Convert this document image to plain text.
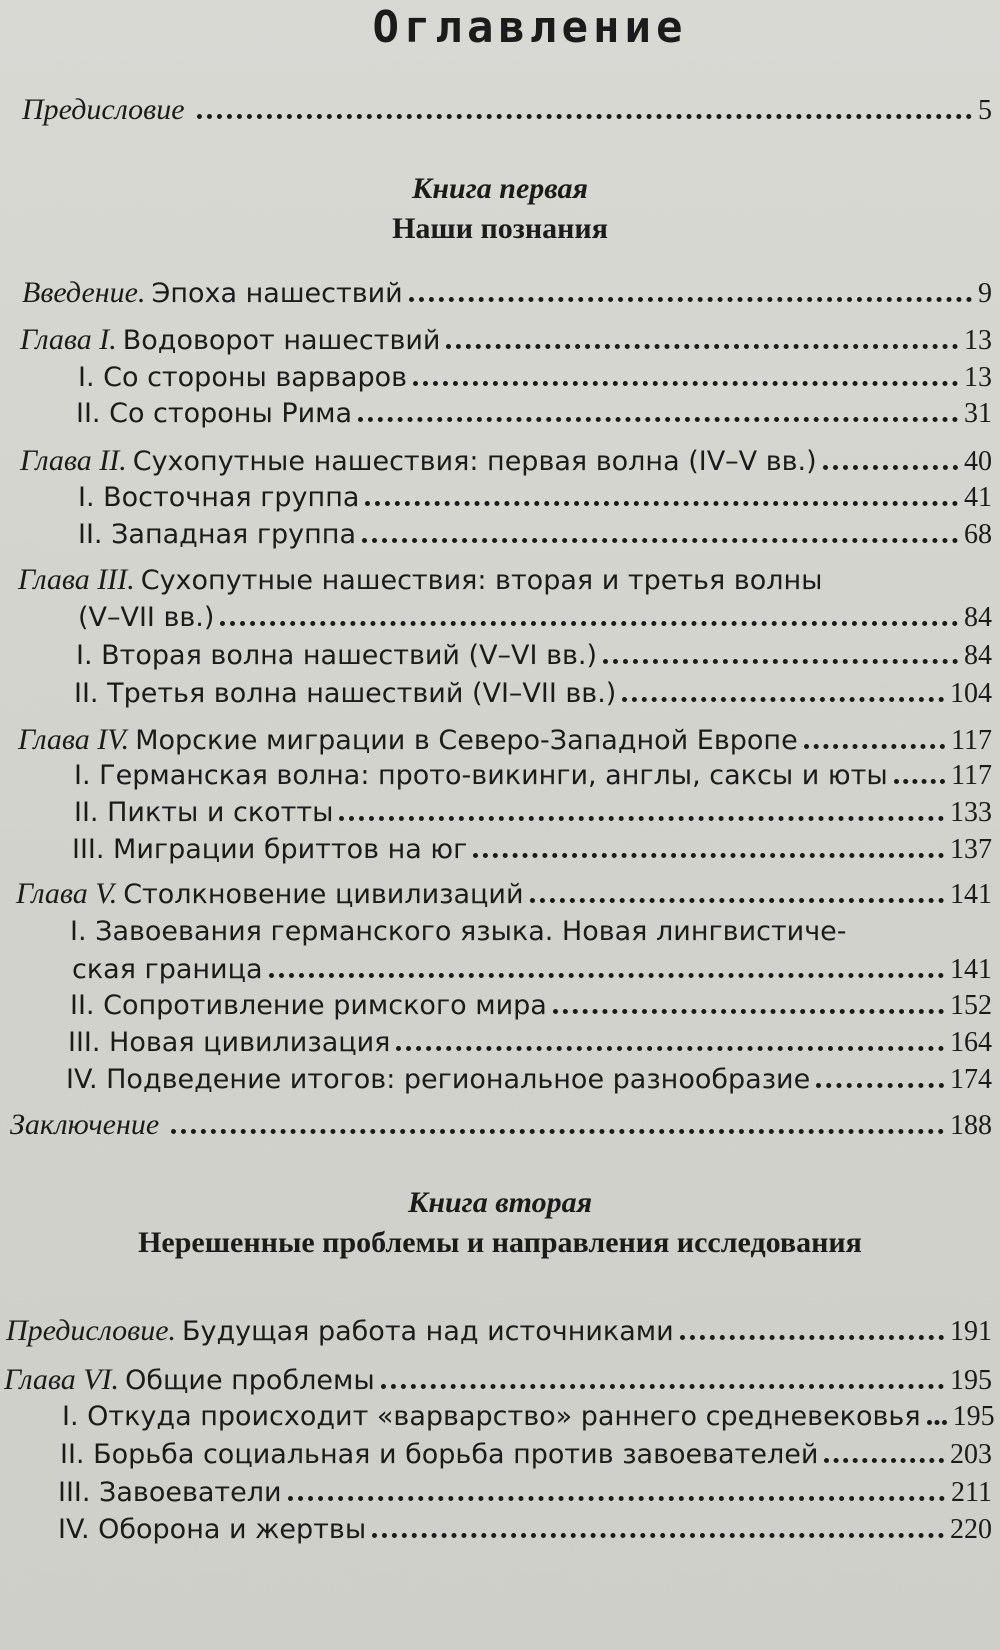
Оглавление
Предисловие	5
Книга первая
Наши познания
Введение. Эпоха нашествий	9
Глава I. Водоворот нашествий	13
I. Со стороны варваров	13
II. Со стороны Рима	31
Глава II. Сухопутные нашествия: первая волна (IV–V вв.)	40
I. Восточная группа	41
II. Западная группа	68
Глава III. Сухопутные нашествия: вторая и третья волны
(V–VII вв.)	84
I. Вторая волна нашествий (V–VI вв.)	84
II. Третья волна нашествий (VI–VII вв.)	104
Глава IV. Морские миграции в Северо-Западной Европе	117
I. Германская волна: прото-викинги, англы, саксы и юты 117
II. Пикты и скотты	133
III. Миграции бриттов на юг	137
Глава V. Столкновение цивилизаций	141
I. Завоевания германского языка. Новая лингвистиче-
ская граница	141
II. Сопротивление римского мира	152
III. Новая цивилизация	164
IV. Подведение итогов: региональное разнообразие	174
Заключение	188
Книга вторая
Нерешенные проблемы и направления исследования
Предисловие. Будущая работа над источниками	191
Глава VI. Общие проблемы	195
I. Откуда происходит «варварство» раннего средневековья 195
II. Борьба социальная и борьба против завоевателей	203
III. Завоеватели	211
IV. Оборона и жертвы	220
